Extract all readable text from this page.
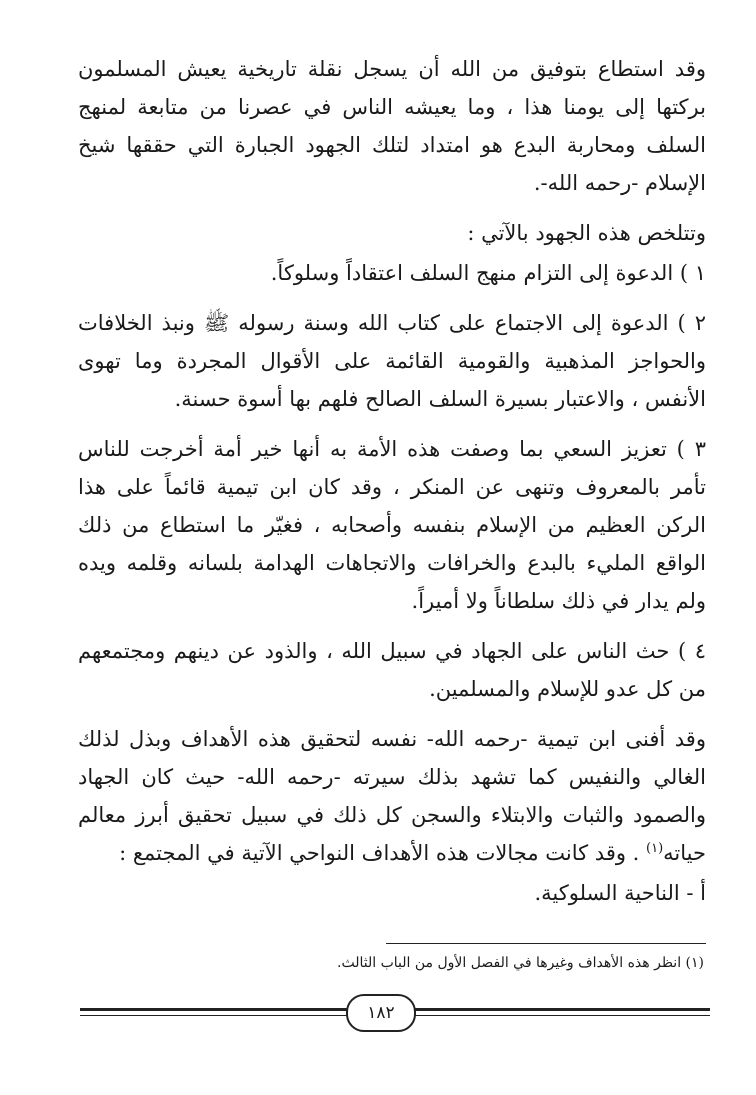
وقد استطاع بتوفيق من الله أن يسجل نقلة تاريخية يعيش المسلمون بركتها إلى يومنا هذا ، وما يعيشه الناس في عصرنا من متابعة لمنهج السلف ومحاربة البدع هو امتداد لتلك الجهود الجبارة التي حققها شيخ الإسلام -رحمه الله-.

وتتلخص هذه الجهود بالآتي :

١ ) الدعوة إلى التزام منهج السلف اعتقاداً وسلوكاً.

٢ ) الدعوة إلى الاجتماع على كتاب الله وسنة رسوله ﷺ ونبذ الخلافات والحواجز المذهبية والقومية القائمة على الأقوال المجردة وما تهوى الأنفس ، والاعتبار بسيرة السلف الصالح فلهم بها أسوة حسنة.

٣ ) تعزيز السعي بما وصفت هذه الأمة به أنها خير أمة أخرجت للناس تأمر بالمعروف وتنهى عن المنكر ، وقد كان ابن تيمية قائماً على هذا الركن العظيم من الإسلام بنفسه وأصحابه ، فغيّر ما استطاع من ذلك الواقع المليء بالبدع والخرافات والاتجاهات الهدامة بلسانه وقلمه ويده ولم يدار في ذلك سلطاناً ولا أميراً.

٤ ) حث الناس على الجهاد في سبيل الله ، والذود عن دينهم ومجتمعهم من كل عدو للإسلام والمسلمين.

وقد أفنى ابن تيمية -رحمه الله- نفسه لتحقيق هذه الأهداف وبذل لذلك الغالي والنفيس كما تشهد بذلك سيرته -رحمه الله- حيث كان الجهاد والصمود والثبات والابتلاء والسجن كل ذلك في سبيل تحقيق أبرز معالم حياته$^{(١)}$ . وقد كانت مجالات هذه الأهداف النواحي الآتية في المجتمع :

أ - الناحية السلوكية.

(١) انظر هذه الأهداف وغيرها في الفصل الأول من الباب الثالث.
١٨٢
